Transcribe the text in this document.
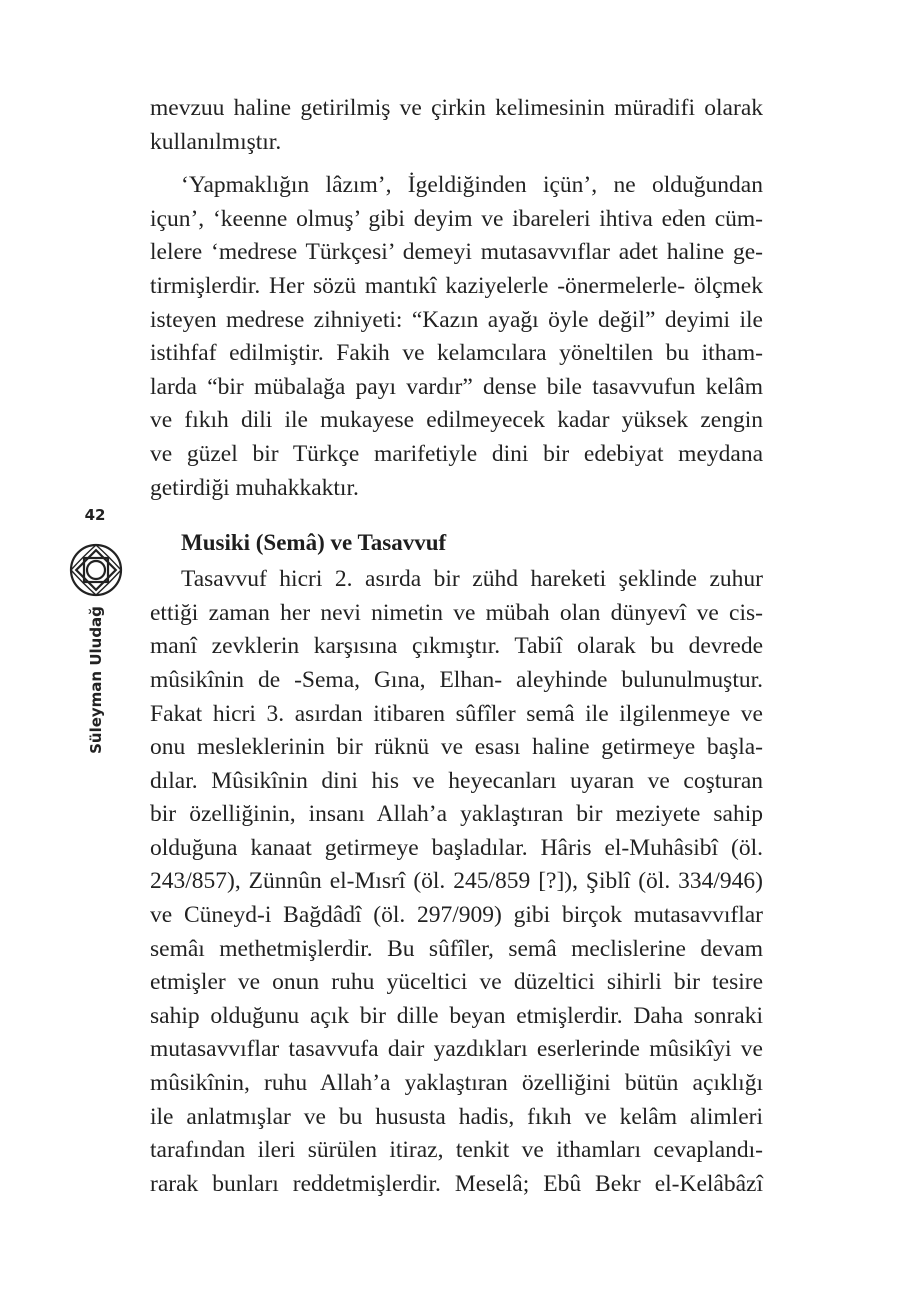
mevzuu haline getirilmiş ve çirkin kelimesinin müradifi olarak
kullanılmıştır.
‘Yapmaklığın lâzım’, İgeldiğinden içün’, ne olduğundan
içun’, ‘keenne olmuş’ gibi deyim ve ibareleri ihtiva eden cüm-
lelere ‘medrese Türkçesi’ demeyi mutasavvıflar adet haline ge-
tirmişlerdir. Her sözü mantıkî kaziyelerle -önermelerle- ölçmek
isteyen medrese zihniyeti: “Kazın ayağı öyle değil” deyimi ile
istihfaf edilmiştir. Fakih ve kelamcılara yöneltilen bu itham-
larda “bir mübalağa payı vardır” dense bile tasavvufun kelâm
ve fıkıh dili ile mukayese edilmeyecek kadar yüksek zengin
ve güzel bir Türkçe marifetiyle dini bir edebiyat meydana
getirdiği muhakkaktır.
Musiki (Semâ) ve Tasavvuf
Tasavvuf hicri 2. asırda bir zühd hareketi şeklinde zuhur
ettiği zaman her nevi nimetin ve mübah olan dünyevî ve cis-
manî zevklerin karşısına çıkmıştır. Tabiî olarak bu devrede
mûsikînin de -Sema, Gına, Elhan- aleyhinde bulunulmuştur.
Fakat hicri 3. asırdan itibaren sûfîler semâ ile ilgilenmeye ve
onu mesleklerinin bir rüknü ve esası haline getirmeye başla-
dılar. Mûsikînin dini his ve heyecanları uyaran ve coşturan
bir özelliğinin, insanı Allah’a yaklaştıran bir meziyete sahip
olduğuna kanaat getirmeye başladılar. Hâris el-Muhâsibî (öl.
243/857), Zünnûn el-Mısrî (öl. 245/859 [?]), Şiblî (öl. 334/946)
ve Cüneyd-i Bağdâdî (öl. 297/909) gibi birçok mutasavvıflar
semâı methetmişlerdir. Bu sûfîler, semâ meclislerine devam
etmişler ve onun ruhu yüceltici ve düzeltici sihirli bir tesire
sahip olduğunu açık bir dille beyan etmişlerdir. Daha sonraki
mutasavvıflar tasavvufa dair yazdıkları eserlerinde mûsikîyi ve
mûsikînin, ruhu Allah’a yaklaştıran özelliğini bütün açıklığı
ile anlatmışlar ve bu hususta hadis, fıkıh ve kelâm alimleri
tarafından ileri sürülen itiraz, tenkit ve ithamları cevaplandı-
rarak bunları reddetmişlerdir. Meselâ; Ebû Bekr el-Kelâbâzî
42
Süleyman Uludağ
